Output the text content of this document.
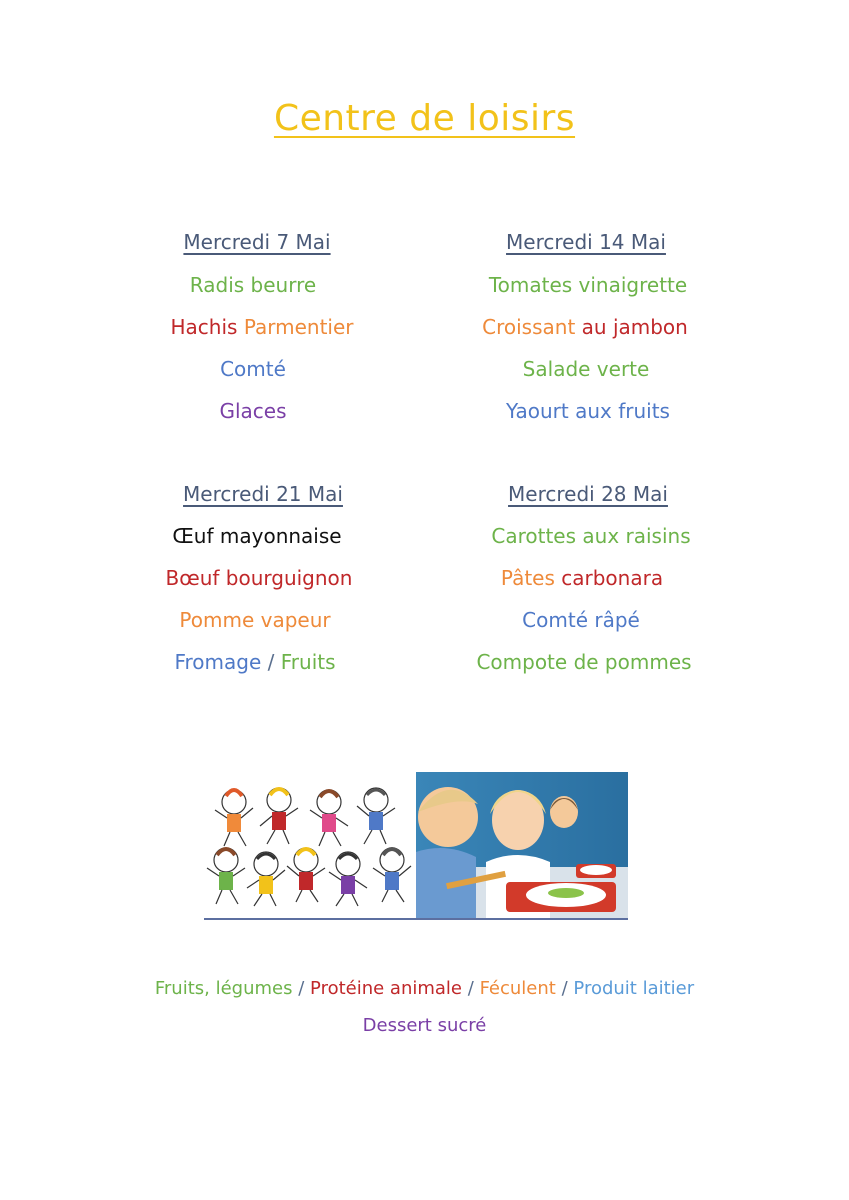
Centre de loisirs
Mercredi 7 Mai
Radis beurre
Hachis Parmentier
Comté
Glaces
Mercredi 14 Mai
Tomates vinaigrette
Croissant au jambon
Salade verte
Yaourt aux fruits
Mercredi 21 Mai
Œuf mayonnaise
Bœuf bourguignon
Pomme vapeur
Fromage / Fruits
Mercredi 28 Mai
Carottes aux raisins
Pâtes carbonara
Comté râpé
Compote de pommes
Fruits, légumes / Protéine animale / Féculent / Produit laitier
Dessert sucré
